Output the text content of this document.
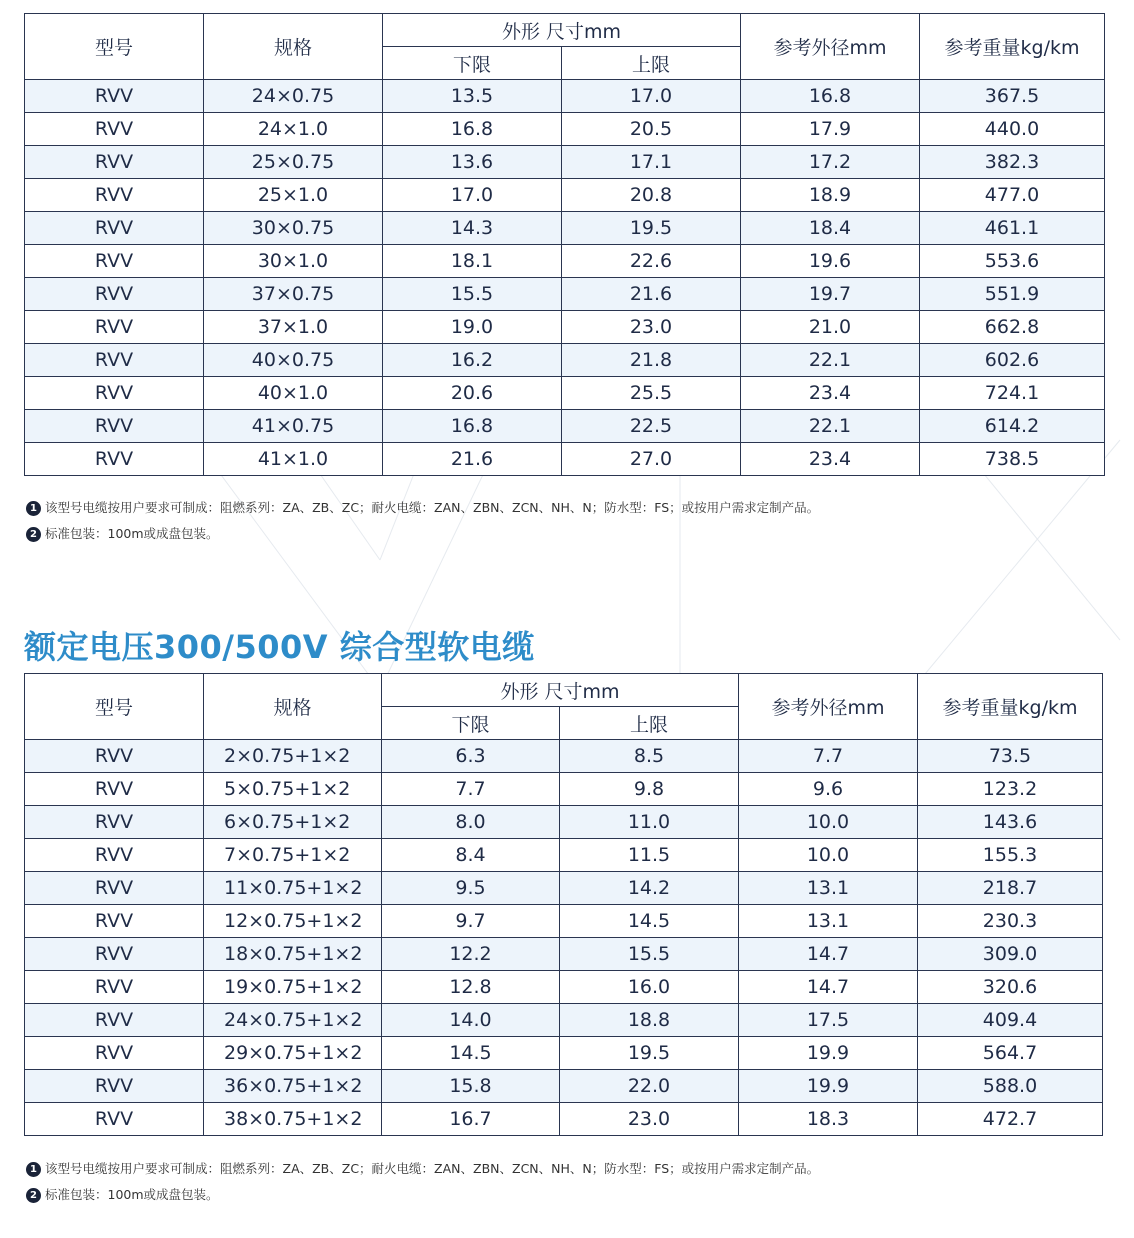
型号	规格	外形 尺寸mm		参考外径mm	参考重量kg/km
		下限	上限		
RVV	24×0.75	13.5	17.0	16.8	367.5
RVV	24×1.0	16.8	20.5	17.9	440.0
RVV	25×0.75	13.6	17.1	17.2	382.3
RVV	25×1.0	17.0	20.8	18.9	477.0
RVV	30×0.75	14.3	19.5	18.4	461.1
RVV	30×1.0	18.1	22.6	19.6	553.6
RVV	37×0.75	15.5	21.6	19.7	551.9
RVV	37×1.0	19.0	23.0	21.0	662.8
RVV	40×0.75	16.2	21.8	22.1	602.6
RVV	40×1.0	20.6	25.5	23.4	724.1
RVV	41×0.75	16.8	22.5	22.1	614.2
RVV	41×1.0	21.6	27.0	23.4	738.5
1 该型号电缆按用户要求可制成：阻燃系列：ZA、ZB、ZC；耐火电缆：ZAN、ZBN、ZCN、NH、N；防水型：FS；或按用户需求定制产品。
2 标准包装：100m或成盘包装。
额定电压300/500V 综合型软电缆
型号	规格	外形 尺寸mm		参考外径mm	参考重量kg/km
		下限	上限		
RVV	2×0.75+1×2	6.3	8.5	7.7	73.5
RVV	5×0.75+1×2	7.7	9.8	9.6	123.2
RVV	6×0.75+1×2	8.0	11.0	10.0	143.6
RVV	7×0.75+1×2	8.4	11.5	10.0	155.3
RVV	11×0.75+1×2	9.5	14.2	13.1	218.7
RVV	12×0.75+1×2	9.7	14.5	13.1	230.3
RVV	18×0.75+1×2	12.2	15.5	14.7	309.0
RVV	19×0.75+1×2	12.8	16.0	14.7	320.6
RVV	24×0.75+1×2	14.0	18.8	17.5	409.4
RVV	29×0.75+1×2	14.5	19.5	19.9	564.7
RVV	36×0.75+1×2	15.8	22.0	19.9	588.0
RVV	38×0.75+1×2	16.7	23.0	18.3	472.7
1 该型号电缆按用户要求可制成：阻燃系列：ZA、ZB、ZC；耐火电缆：ZAN、ZBN、ZCN、NH、N；防水型：FS；或按用户需求定制产品。
2 标准包装：100m或成盘包装。
